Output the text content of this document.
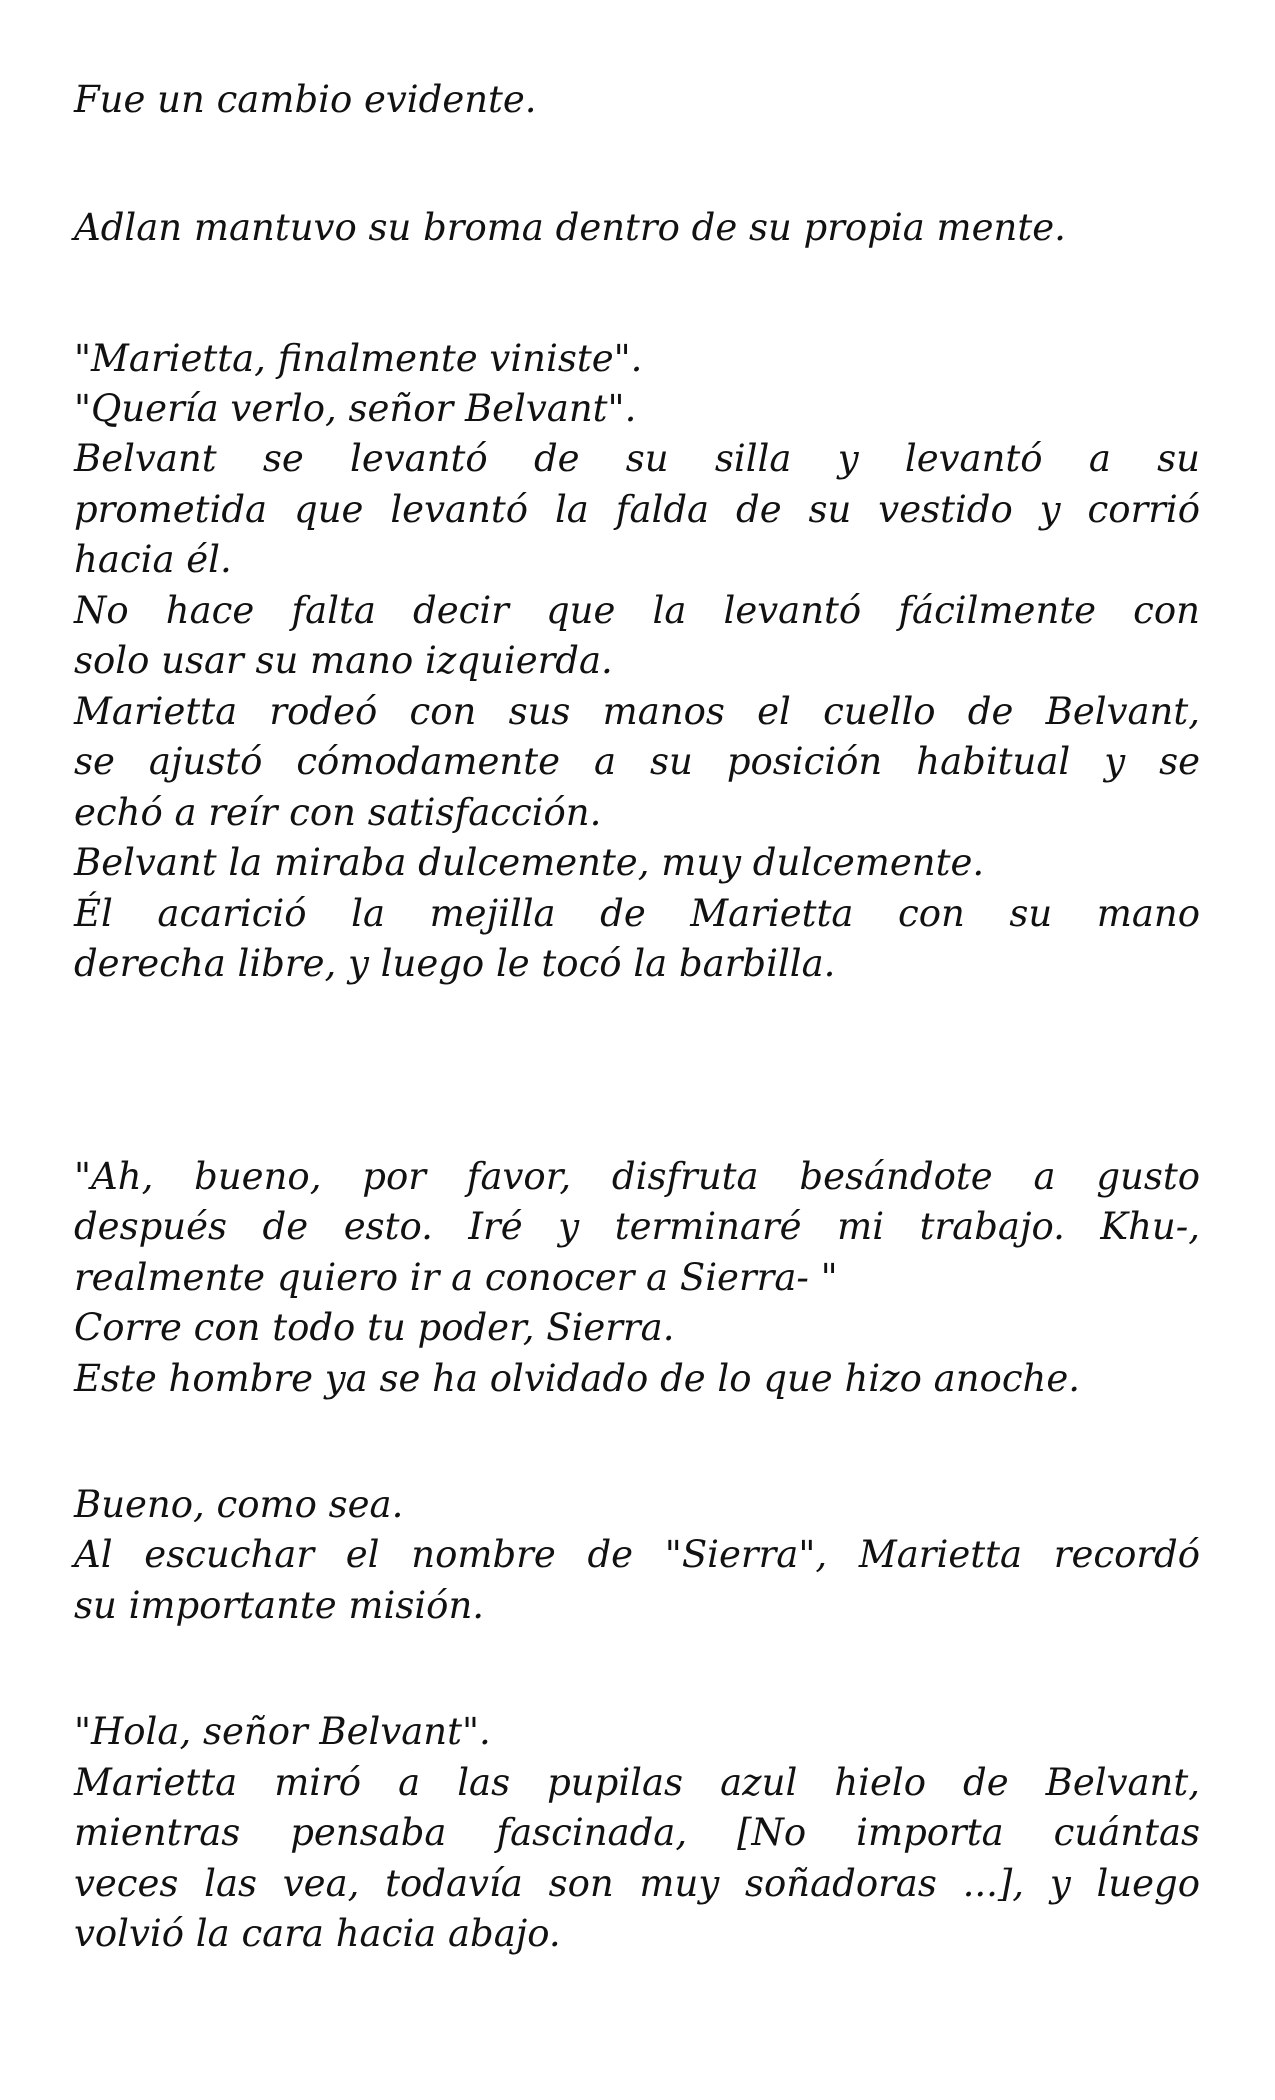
Fue un cambio evidente.

Adlan mantuvo su broma dentro de su propia mente.

"Marietta, finalmente viniste".

"Quería verlo, señor Belvant".

Belvant se levantó de su silla y levantó a su

prometida que levantó la falda de su vestido y corrió

hacia él.

No hace falta decir que la levantó fácilmente con

solo usar su mano izquierda.

Marietta rodeó con sus manos el cuello de Belvant,

se ajustó cómodamente a su posición habitual y se

echó a reír con satisfacción.

Belvant la miraba dulcemente, muy dulcemente.

Él acarició la mejilla de Marietta con su mano

derecha libre, y luego le tocó la barbilla.

"Ah, bueno, por favor, disfruta besándote a gusto

después de esto. Iré y terminaré mi trabajo. Khu-,

realmente quiero ir a conocer a Sierra- "

Corre con todo tu poder, Sierra.

Este hombre ya se ha olvidado de lo que hizo anoche.

Bueno, como sea.

Al escuchar el nombre de "Sierra", Marietta recordó

su importante misión.

"Hola, señor Belvant".

Marietta miró a las pupilas azul hielo de Belvant,

mientras pensaba fascinada, [No importa cuántas

veces las vea, todavía son muy soñadoras ...], y luego

volvió la cara hacia abajo.
